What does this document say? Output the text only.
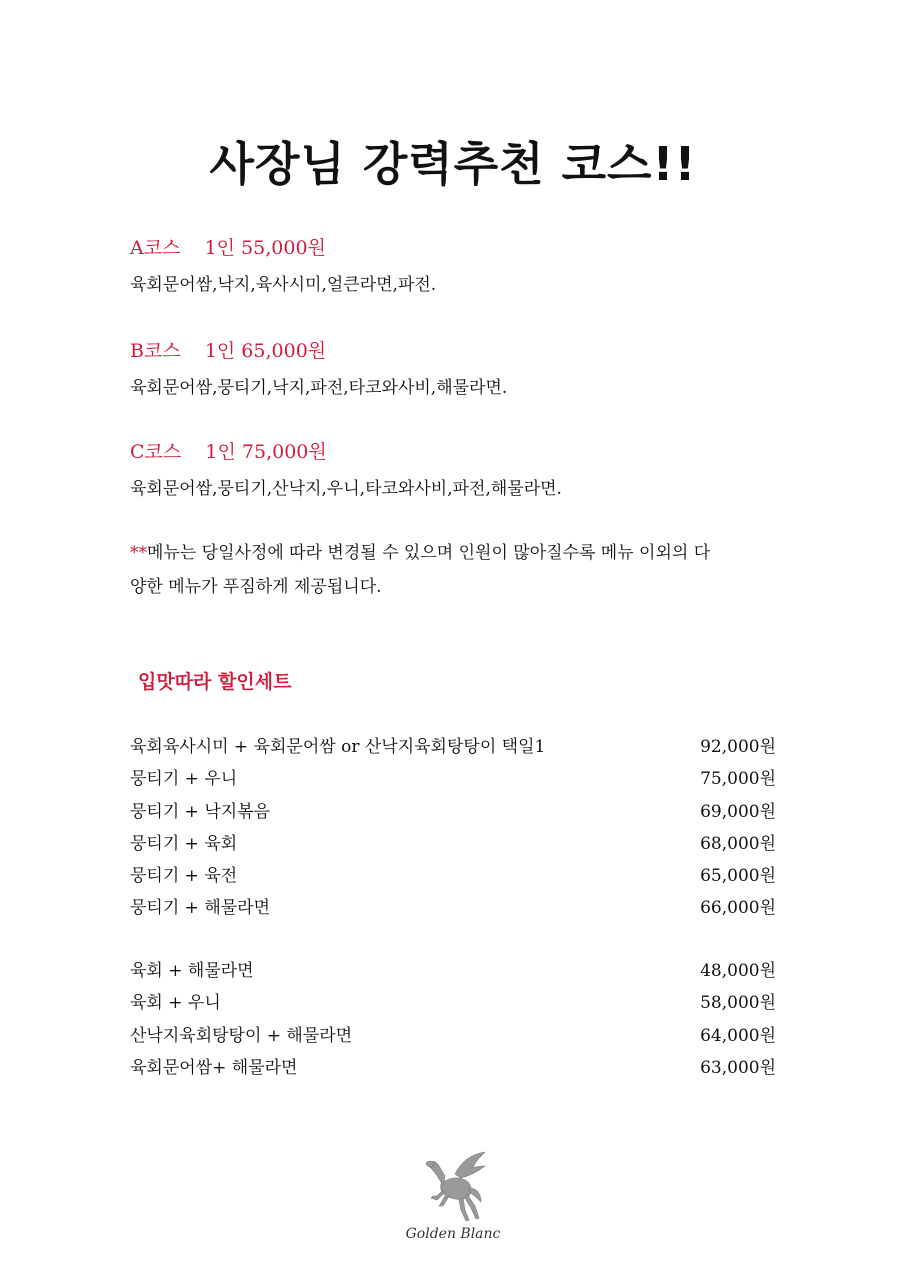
사장님 강력추천 코스!!
A코스    1인 55,000원
육회문어쌈,낙지,육사시미,얼큰라면,파전.
B코스    1인 65,000원
육회문어쌈,뭉티기,낙지,파전,타코와사비,해물라면.
C코스    1인 75,000원
육회문어쌈,뭉티기,산낙지,우니,타코와사비,파전,해물라면.
**메뉴는 당일사정에 따라 변경될 수 있으며 인원이 많아질수록 메뉴 이외의 다
양한 메뉴가 푸짐하게 제공됩니다.
입맛따라 할인세트
육회육사시미 + 육회문어쌈 or 산낙지육회탕탕이 택일1	92,000원
뭉티기 + 우니	75,000원
뭉티기 + 낙지볶음	69,000원
뭉티기 + 육회	68,000원
뭉티기 + 육전	65,000원
뭉티기 + 해물라면	66,000원
육회 + 해물라면	48,000원
육회 + 우니	58,000원
산낙지육회탕탕이 + 해물라면	64,000원
육회문어쌈+ 해물라면	63,000원
Golden Blanc
